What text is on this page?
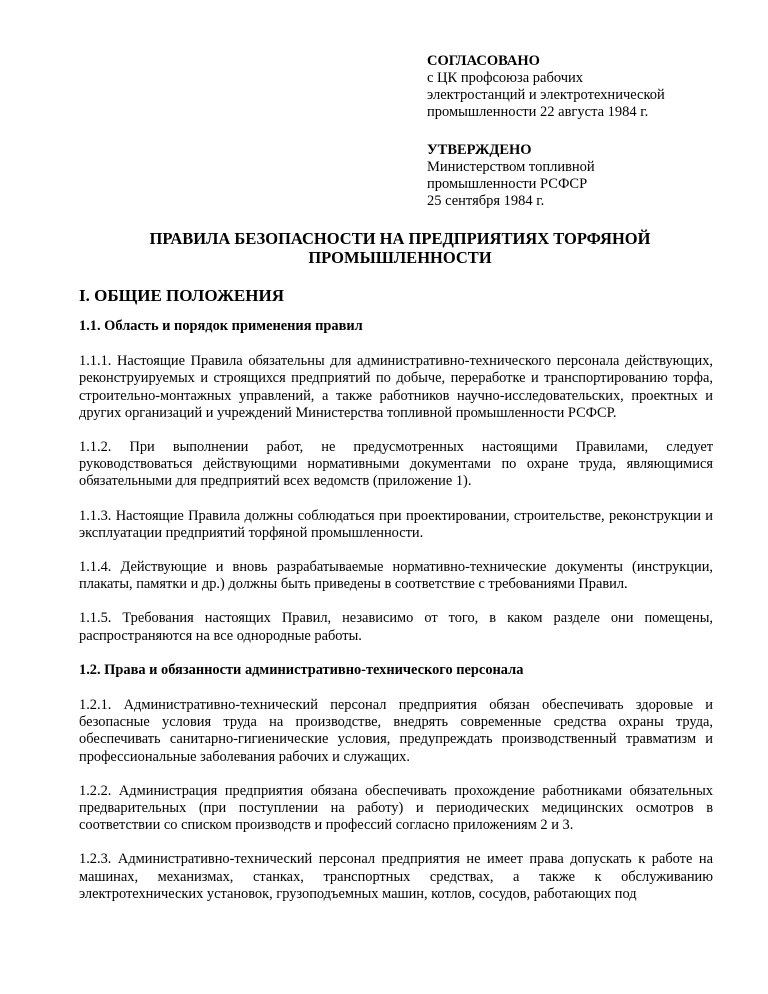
СОГЛАСОВАНО
с ЦК профсоюза рабочих
электростанций и электротехнической
промышленности 22 августа 1984 г.
УТВЕРЖДЕНО
Министерством топливной
промышленности РСФСР
25 сентября 1984 г.
ПРАВИЛА БЕЗОПАСНОСТИ НА ПРЕДПРИЯТИЯХ ТОРФЯНОЙ ПРОМЫШЛЕННОСТИ
I. ОБЩИЕ ПОЛОЖЕНИЯ
1.1. Область и порядок применения правил

1.1.1. Настоящие Правила обязательны для административно-технического персонала действующих, реконструируемых и строящихся предприятий по добыче, переработке и транспортированию торфа, строительно-монтажных управлений, а также работников научно-исследовательских, проектных и других организаций и учреждений Министерства топливной промышленности РСФСР.

1.1.2. При выполнении работ, не предусмотренных настоящими Правилами, следует руководствоваться действующими нормативными документами по охране труда, являющимися обязательными для предприятий всех ведомств (приложение 1).

1.1.3. Настоящие Правила должны соблюдаться при проектировании, строительстве, реконструкции и эксплуатации предприятий торфяной промышленности.

1.1.4. Действующие и вновь разрабатываемые нормативно-технические документы (инструкции, плакаты, памятки и др.) должны быть приведены в соответствие с требованиями Правил.

1.1.5. Требования настоящих Правил, независимо от того, в каком разделе они помещены, распространяются на все однородные работы.

1.2. Права и обязанности административно-технического персонала

1.2.1. Административно-технический персонал предприятия обязан обеспечивать здоровые и безопасные условия труда на производстве, внедрять современные средства охраны труда, обеспечивать санитарно-гигиенические условия, предупреждать производственный травматизм и профессиональные заболевания рабочих и служащих.

1.2.2. Администрация предприятия обязана обеспечивать прохождение работниками обязательных предварительных (при поступлении на работу) и периодических медицинских осмотров в соответствии со списком производств и профессий согласно приложениям 2 и 3.

1.2.3. Административно-технический персонал предприятия не имеет права допускать к работе на машинах, механизмах, станках, транспортных средствах, а также к обслуживанию электротехнических установок, грузоподъемных машин, котлов, сосудов, работающих под
